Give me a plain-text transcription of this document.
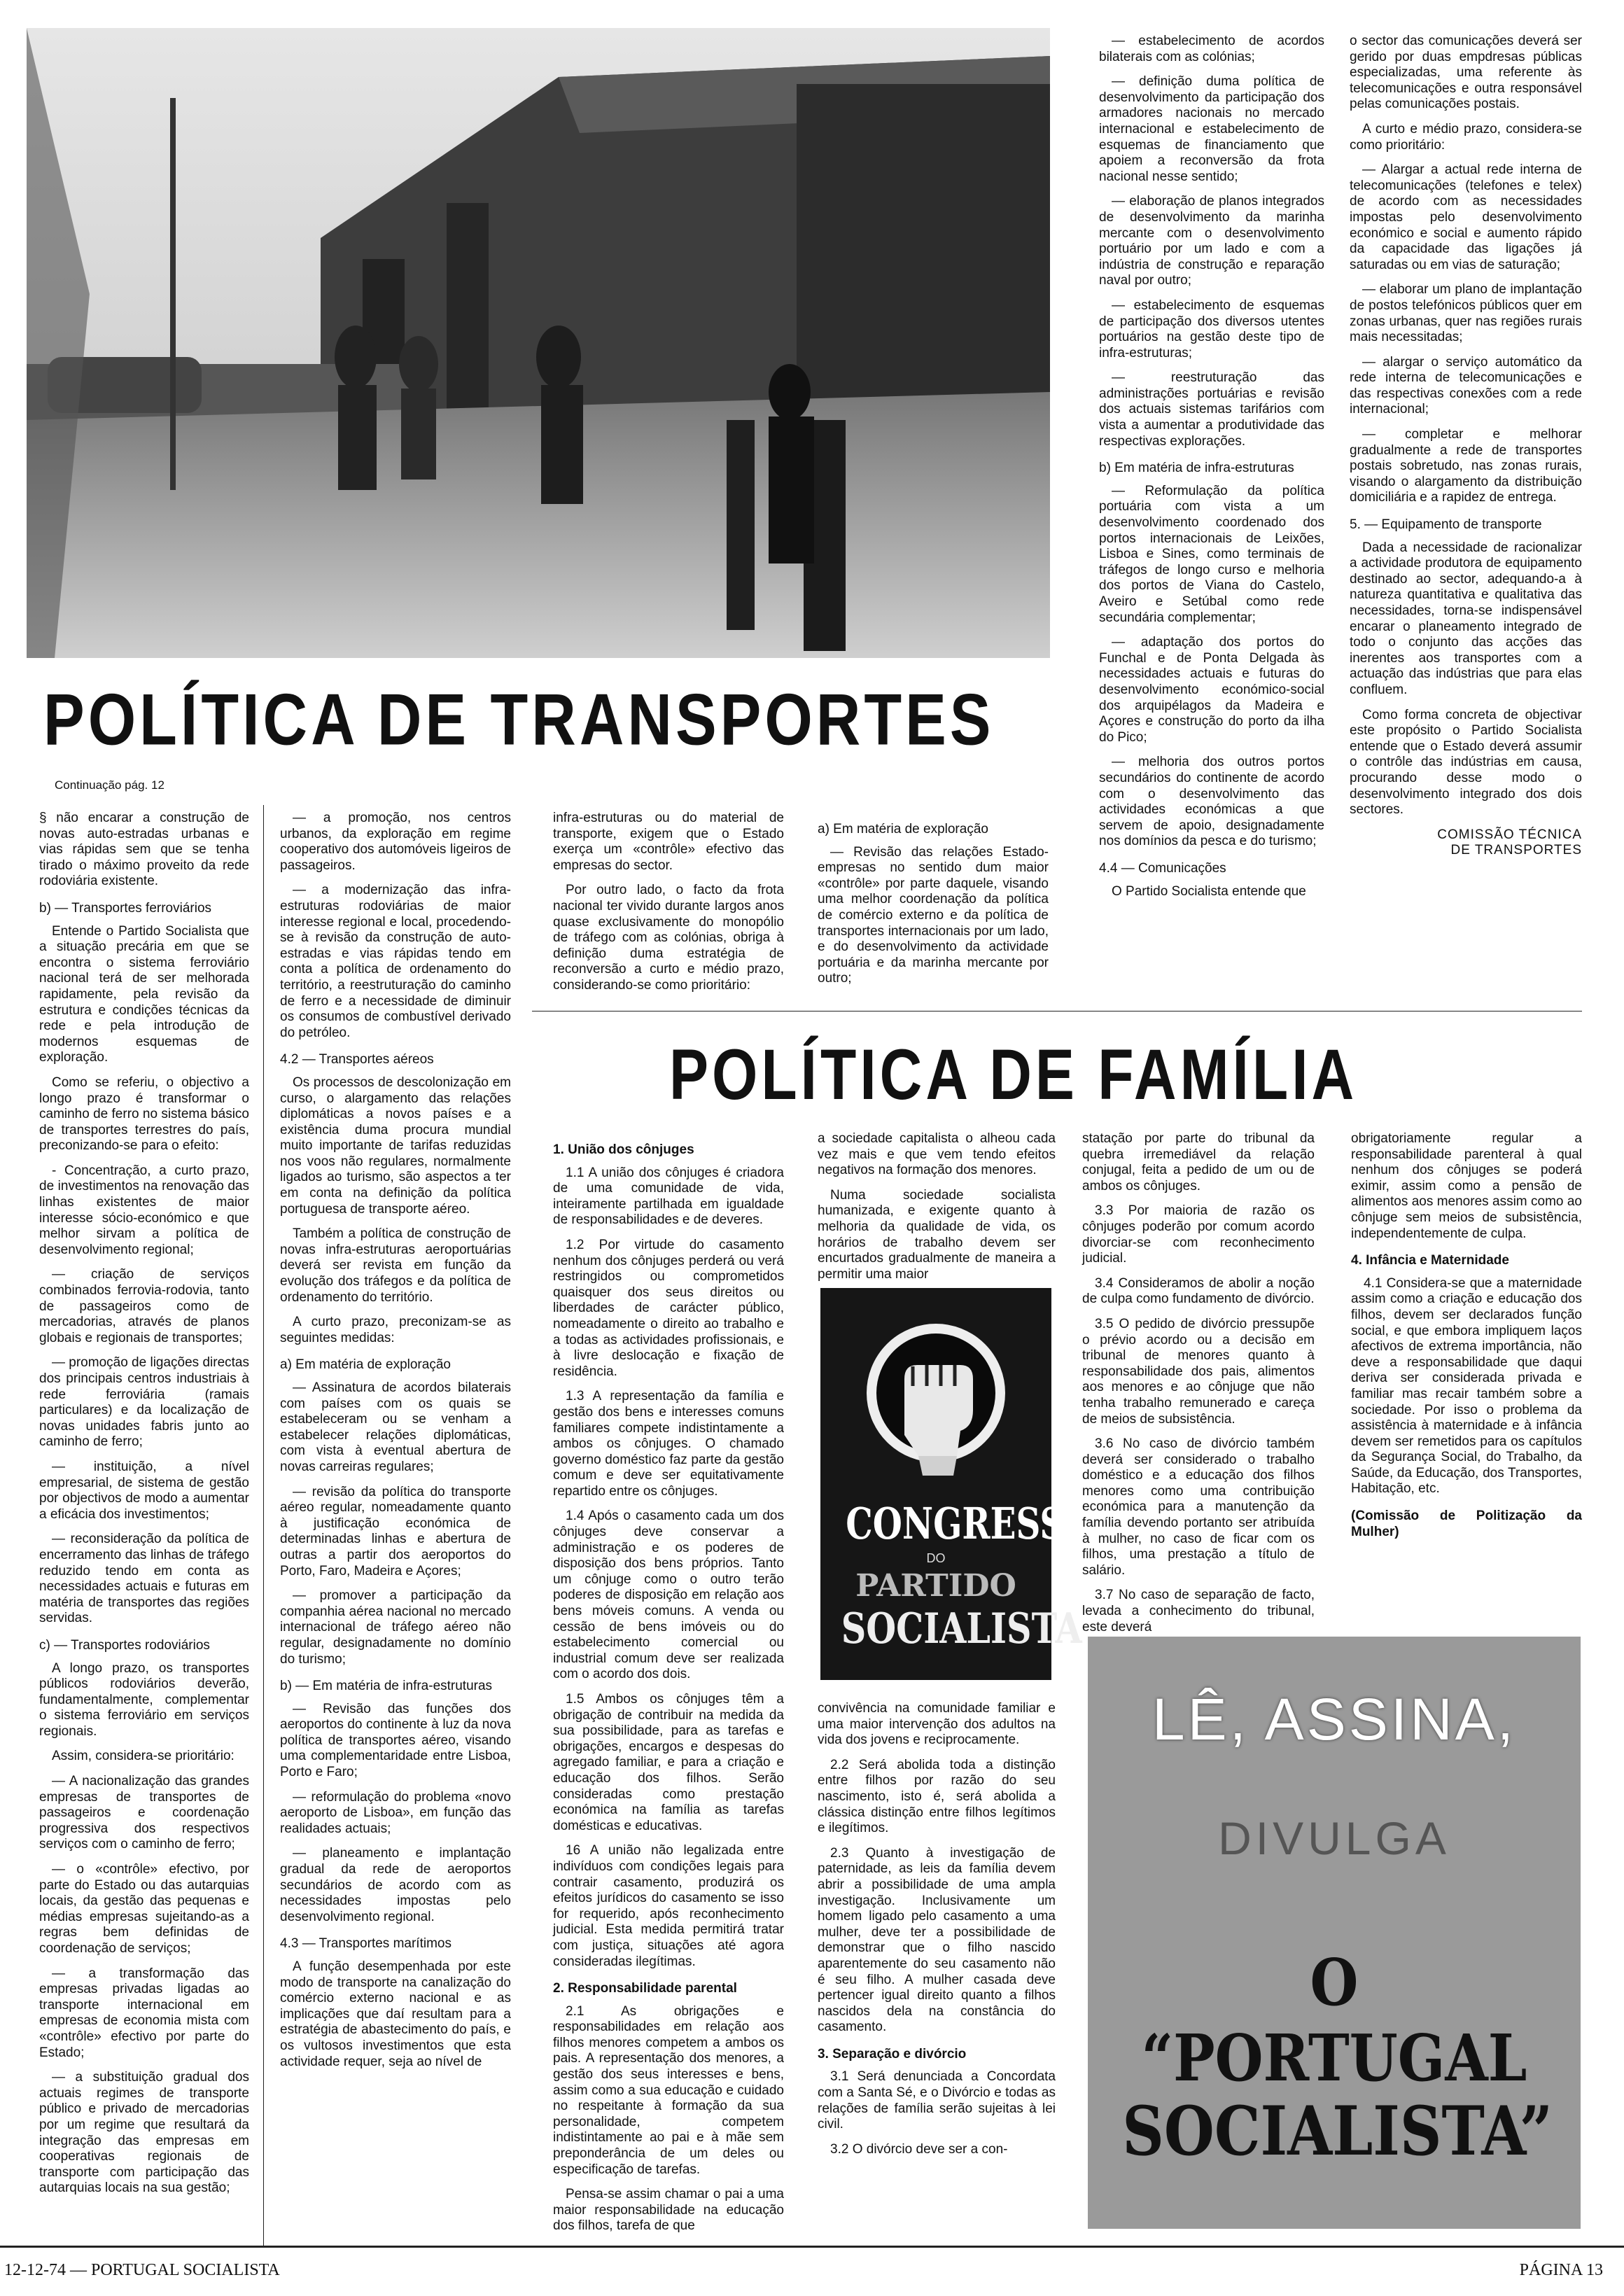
POLÍTICA DE TRANSPORTES
Continuação pág. 12

— estabelecimento de acordos bilaterais com as colónias;

— definição duma política de desenvolvimento da participação dos armadores nacionais no mercado internacional e estabelecimento de esquemas de financiamento que apoiem a reconversão da frota nacional nesse sentido;

— elaboração de planos integrados de desenvolvimento da marinha mercante com o desenvolvimento portuário por um lado e com a indústria de construção e reparação naval por outro;

— estabelecimento de esquemas de participação dos diversos utentes portuários na gestão deste tipo de infra-estruturas;

— reestruturação das administrações portuárias e revisão dos actuais sistemas tarifários com vista a aumentar a produtividade das respectivas explorações.

b) Em matéria de infra-estruturas

— Reformulação da política portuária com vista a um desenvolvimento coordenado dos portos internacionais de Leixões, Lisboa e Sines, como terminais de tráfegos de longo curso e melhoria dos portos de Viana do Castelo, Aveiro e Setúbal como rede secundária complementar;

— adaptação dos portos do Funchal e de Ponta Delgada às necessidades actuais e futuras do desenvolvimento económico-social dos arquipélagos da Madeira e Açores e construção do porto da ilha do Pico;

— melhoria dos outros portos secundários do continente de acordo com o desenvolvimento das actividades económicas a que servem de apoio, designadamente nos domínios da pesca e do turismo;

4.4 — Comunicações

O Partido Socialista entende que

o sector das comunicações deverá ser gerido por duas empdresas públicas especializadas, uma referente às telecomunicações e outra responsável pelas comunicações postais.

A curto e médio prazo, considera-se como prioritário:

— Alargar a actual rede interna de telecomunicações (telefones e telex) de acordo com as necessidades impostas pelo desenvolvimento económico e social e aumento rápido da capacidade das ligações já saturadas ou em vias de saturação;

— elaborar um plano de implantação de postos telefónicos públicos quer em zonas urbanas, quer nas regiões rurais mais necessitadas;

— alargar o serviço automático da rede interna de telecomunicações e das respectivas conexões com a rede internacional;

— completar e melhorar gradualmente a rede de transportes postais sobretudo, nas zonas rurais, visando o alargamento da distribuição domiciliária e a rapidez de entrega.

5. — Equipamento de transporte

Dada a necessidade de racionalizar a actividade produtora de equipamento destinado ao sector, adequando-a à natureza quantitativa e qualitativa das necessidades, torna-se indispensável encarar o planeamento integrado de todo o conjunto das acções das inerentes aos transportes com a actuação das indústrias que para elas confluem.

Como forma concreta de objectivar este propósito o Partido Socialista entende que o Estado deverá assumir o contrôle das indústrias em causa, procurando desse modo o desenvolvimento integrado dos dois sectores.

COMISSÃO TÉCNICA
DE TRANSPORTES

§ não encarar a construção de novas auto-estradas urbanas e vias rápidas sem que se tenha tirado o máximo proveito da rede rodoviária existente.

b) — Transportes ferroviários

Entende o Partido Socialista que a situação precária em que se encontra o sistema ferroviário nacional terá de ser melhorada rapidamente, pela revisão da estrutura e condições técnicas da rede e pela introdução de modernos esquemas de exploração.

Como se referiu, o objectivo a longo prazo é transformar o caminho de ferro no sistema básico de transportes terrestres do país, preconizando-se para o efeito:

- Concentração, a curto prazo, de investimentos na renovação das linhas existentes de maior interesse sócio-económico e que melhor sirvam a política de desenvolvimento regional;

— criação de serviços combinados ferrovia-rodovia, tanto de passageiros como de mercadorias, através de planos globais e regionais de transportes;

— promoção de ligações directas dos principais centros industriais à rede ferroviária (ramais particulares) e da localização de novas unidades fabris junto ao caminho de ferro;

— instituição, a nível empresarial, de sistema de gestão por objectivos de modo a aumentar a eficácia dos investimentos;

— reconsideração da política de encerramento das linhas de tráfego reduzido tendo em conta as necessidades actuais e futuras em matéria de transportes das regiões servidas.

c) — Transportes rodoviários

A longo prazo, os transportes públicos rodoviários deverão, fundamentalmente, complementar o sistema ferroviário em serviços regionais.

Assim, considera-se prioritário:

— A nacionalização das grandes empresas de transportes de passageiros e coordenação progressiva dos respectivos serviços com o caminho de ferro;

— o «contrôle» efectivo, por parte do Estado ou das autarquias locais, da gestão das pequenas e médias empresas sujeitando-as a regras bem definidas de coordenação de serviços;

— a transformação das empresas privadas ligadas ao transporte internacional em empresas de economia mista com «contrôle» efectivo por parte do Estado;

— a substituição gradual dos actuais regimes de transporte público e privado de mercadorias por um regime que resultará da integração das empresas em cooperativas regionais de transporte com participação das autarquias locais na sua gestão;

— a promoção, nos centros urbanos, da exploração em regime cooperativo dos automóveis ligeiros de passageiros.

— a modernização das infra-estruturas rodoviárias de maior interesse regional e local, procedendo-se à revisão da construção de auto-estradas e vias rápidas tendo em conta a política de ordenamento do território, a reestruturação do caminho de ferro e a necessidade de diminuir os consumos de combustível derivado do petróleo.

4.2 — Transportes aéreos

Os processos de descolonização em curso, o alargamento das relações diplomáticas a novos países e a existência duma procura mundial muito importante de tarifas reduzidas nos voos não regulares, normalmente ligados ao turismo, são aspectos a ter em conta na definição da política portuguesa de transporte aéreo.

Também a política de construção de novas infra-estruturas aeroportuárias deverá ser revista em função da evolução dos tráfegos e da política de ordenamento do território.

A curto prazo, preconizam-se as seguintes medidas:

a) Em matéria de exploração

— Assinatura de acordos bilaterais com países com os quais se estabeleceram ou se venham a estabelecer relações diplomáticas, com vista à eventual abertura de novas carreiras regulares;

— revisão da política do transporte aéreo regular, nomeadamente quanto à justificação económica de determinadas linhas e abertura de outras a partir dos aeroportos do Porto, Faro, Madeira e Açores;

— promover a participação da companhia aérea nacional no mercado internacional de tráfego aéreo não regular, designadamente no domínio do turismo;

b) — Em matéria de infra-estruturas

— Revisão das funções dos aeroportos do continente à luz da nova política de transportes aéreo, visando uma complementaridade entre Lisboa, Porto e Faro;

— reformulação do problema «novo aeroporto de Lisboa», em função das realidades actuais;

— planeamento e implantação gradual da rede de aeroportos secundários de acordo com as necessidades impostas pelo desenvolvimento regional.

4.3 — Transportes marítimos

A função desempenhada por este modo de transporte na canalização do comércio externo nacional e as implicações que daí resultam para a estratégia de abastecimento do país, e os vultosos investimentos que esta actividade requer, seja ao nível de

infra-estruturas ou do material de transporte, exigem que o Estado exerça um «contrôle» efectivo das empresas do sector.

Por outro lado, o facto da frota nacional ter vivido durante largos anos quase exclusivamente do monopólio de tráfego com as colónias, obriga à definição duma estratégia de reconversão a curto e médio prazo, considerando-se como prioritário:

a) Em matéria de exploração

— Revisão das relações Estado-empresas no sentido dum maior «contrôle» por parte daquele, visando uma melhor coordenação da política de comércio externo e da política de transportes internacionais por um lado, e do desenvolvimento da actividade portuária e da marinha mercante por outro;

POLÍTICA DE FAMÍLIA

1. União dos cônjuges

1.1 A união dos cônjuges é criadora de uma comunidade de vida, inteiramente partilhada em igualdade de responsabilidades e de deveres.

1.2 Por virtude do casamento nenhum dos cônjuges perderá ou verá restringidos ou comprometidos quaisquer dos seus direitos ou liberdades de carácter público, nomeadamente o direito ao trabalho e a todas as actividades profissionais, e à livre deslocação e fixação de residência.

1.3 A representação da família e gestão dos bens e interesses comuns familiares compete indistintamente a ambos os cônjuges. O chamado governo doméstico faz parte da gestão comum e deve ser equitativamente repartido entre os cônjuges.

1.4 Após o casamento cada um dos cônjuges deve conservar a administração e os poderes de disposição dos bens próprios. Tanto um cônjuge como o outro terão poderes de disposição em relação aos bens móveis comuns. A venda ou cessão de bens imóveis ou do estabelecimento comercial ou industrial comum deve ser realizada com o acordo dos dois.

1.5 Ambos os cônjuges têm a obrigação de contribuir na medida da sua possibilidade, para as tarefas e obrigações, encargos e despesas do agregado familiar, e para a criação e educação dos filhos. Serão consideradas como prestação económica na família as tarefas domésticas e educativas.

16 A união não legalizada entre indivíduos com condições legais para contrair casamento, produzirá os efeitos jurídicos do casamento se isso for requerido, após reconhecimento judicial. Esta medida permitirá tratar com justiça, situações até agora consideradas ilegítimas.

2. Responsabilidade parental

2.1 As obrigações e responsabilidades em relação aos filhos menores competem a ambos os pais. A representação dos menores, a gestão dos seus interesses e bens, assim como a sua educação e cuidado no respeitante à formação da sua personalidade, competem indistintamente ao pai e à mãe sem preponderância de um deles ou especificação de tarefas.

Pensa-se assim chamar o pai a uma maior responsabilidade na educação dos filhos, tarefa de que

a sociedade capitalista o alheou cada vez mais e que vem tendo efeitos negativos na formação dos menores.

Numa sociedade socialista humanizada, e exigente quanto à melhoria da qualidade de vida, os horários de trabalho devem ser encurtados gradualmente de maneira a permitir uma maior

CONGRESSO
DO
PARTIDO
SOCIALISTA

convivência na comunidade familiar e uma maior intervenção dos adultos na vida dos jovens e reciprocamente.

2.2 Será abolida toda a distinção entre filhos por razão do seu nascimento, isto é, será abolida a clássica distinção entre filhos legítimos e ilegítimos.

2.3 Quanto à investigação de paternidade, as leis da família devem abrir a possibilidade de uma ampla investigação. Inclusivamente um homem ligado pelo casamento a uma mulher, deve ter a possibilidade de demonstrar que o filho nascido aparentemente do seu casamento não é seu filho. A mulher casada deve pertencer igual direito quanto a filhos nascidos dela na constância do casamento.

3. Separação e divórcio

3.1 Será denunciada a Concordata com a Santa Sé, e o Divórcio e todas as relações de família serão sujeitas à lei civil.

3.2 O divórcio deve ser a con-

statação por parte do tribunal da quebra irremediável da relação conjugal, feita a pedido de um ou de ambos os cônjuges.

3.3 Por maioria de razão os cônjuges poderão por comum acordo divorciar-se com reconhecimento judicial.

3.4 Consideramos de abolir a noção de culpa como fundamento de divórcio.

3.5 O pedido de divórcio pressupõe o prévio acordo ou a decisão em tribunal de menores quanto à responsabilidade dos pais, alimentos aos menores e ao cônjuge que não tenha trabalho remunerado e careça de meios de subsistência.

3.6 No caso de divórcio também deverá ser considerado o trabalho doméstico e a educação dos filhos menores como uma contribuição económica para a manutenção da família devendo portanto ser atribuída à mulher, no caso de ficar com os filhos, uma prestação a título de salário.

3.7 No caso de separação de facto, levada a conhecimento do tribunal, este deverá

obrigatoriamente regular a responsabilidade parenteral à qual nenhum dos cônjuges se poderá eximir, assim como a pensão de alimentos aos menores assim como ao cônjuge sem meios de subsistência, independentemente de culpa.

4. Infância e Maternidade

4.1 Considera-se que a maternidade assim como a criação e educação dos filhos, devem ser declarados função social, e que embora impliquem laços afectivos de extrema importância, não deve a responsabilidade que daqui deriva ser considerada privada e familiar mas recair também sobre a sociedade. Por isso o problema da assistência à maternidade e à infância devem ser remetidos para os capítulos da Segurança Social, do Trabalho, da Saúde, da Educação, dos Transportes, Habitação, etc.

(Comissão de Politização da Mulher)

LÊ, ASSINA,
DIVULGA
O “PORTUGAL
SOCIALISTA”
12-12-74 — PORTUGAL SOCIALISTA	PÁGINA 13
